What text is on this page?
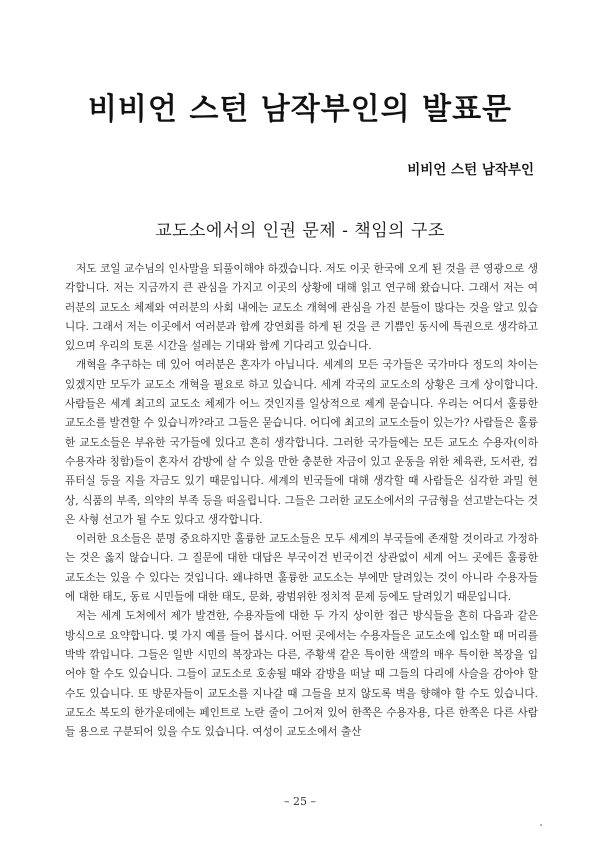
비비언 스턴 남작부인의 발표문
비비언 스턴 남작부인
교도소에서의 인권 문제 - 책임의 구조

저도 코일 교수님의 인사말을 되풀이해야 하겠습니다. 저도 이곳 한국에 오게 된 것을 큰 영광으로 생각합니다. 저는 지금까지 큰 관심을 가지고 이곳의 상황에 대해 읽고 연구해 왔습니다. 그래서 저는 여러분의 교도소 체제와 여러분의 사회 내에는 교도소 개혁에 관심을 가진 분들이 많다는 것을 알고 있습니다. 그래서 저는 이곳에서 여러분과 함께 강연회를 하게 된 것을 큰 기쁨인 동시에 특권으로 생각하고 있으며 우리의 토론 시간을 설레는 기대와 함께 기다리고 있습니다.

개혁을 추구하는 데 있어 여러분은 혼자가 아닙니다. 세계의 모든 국가들은 국가마다 정도의 차이는 있겠지만 모두가 교도소 개혁을 필요로 하고 있습니다. 세계 각국의 교도소의 상황은 크게 상이합니다. 사람들은 세계 최고의 교도소 체제가 어느 것인지를 일상적으로 제게 묻습니다. 우리는 어디서 훌륭한 교도소를 발견할 수 있습니까?라고 그들은 묻습니다. 어디에 최고의 교도소들이 있는가? 사람들은 훌륭한 교도소들은 부유한 국가들에 있다고 흔히 생각합니다. 그러한 국가들에는 모든 교도소 수용자(이하 수용자라 칭함)들이 혼자서 감방에 살 수 있을 만한 충분한 자금이 있고 운동을 위한 체육관, 도서관, 컴퓨터실 등을 지을 자금도 있기 때문입니다. 세계의 빈국들에 대해 생각할 때 사람들은 심각한 과밀 현상, 식품의 부족, 의약의 부족 등을 떠올립니다. 그들은 그러한 교도소에서의 구금형을 선고받는다는 것은 사형 선고가 될 수도 있다고 생각합니다.

이러한 요소들은 분명 중요하지만 훌륭한 교도소들은 모두 세계의 부국들에 존재할 것이라고 가정하는 것은 옳지 않습니다. 그 질문에 대한 대답은 부국이건 빈국이건 상관없이 세계 어느 곳에든 훌륭한 교도소는 있을 수 있다는 것입니다. 왜냐하면 훌륭한 교도소는 부에만 달려있는 것이 아니라 수용자들에 대한 태도, 동료 시민들에 대한 태도, 문화, 광범위한 정치적 문제 등에도 달려있기 때문입니다.

저는 세계 도처에서 제가 발견한, 수용자들에 대한 두 가지 상이한 접근 방식들을 흔히 다음과 같은 방식으로 요약합니다. 몇 가지 예를 들어 봅시다. 어떤 곳에서는 수용자들은 교도소에 입소할 때 머리를 박박 깎입니다. 그들은 일반 시민의 복장과는 다른, 주황색 같은 특이한 색깔의 매우 특이한 복장을 입어야 할 수도 있습니다. 그들이 교도소로 호송될 때와 감방을 떠날 때 그들의 다리에 사슬을 감아야 할 수도 있습니다. 또 방문자들이 교도소를 지나갈 때 그들을 보지 않도록 벽을 향해야 할 수도 있습니다. 교도소 복도의 한가운데에는 페인트로 노란 줄이 그어져 있어 한쪽은 수용자용, 다른 한쪽은 다른 사람들 용으로 구분되어 있을 수도 있습니다. 여성이 교도소에서 출산

– 25 –
